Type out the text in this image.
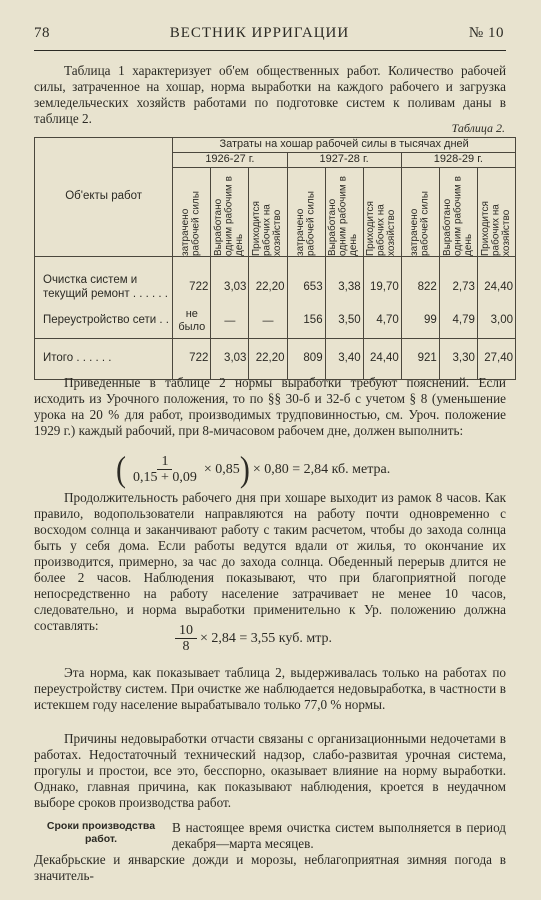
78	ВЕСТНИК ИРРИГАЦИИ	№ 10

Таблица 1 характеризует об'ем общественных работ. Количество рабочей силы, затраченное на хошар, норма выработки на каждого рабочего и загрузка земледельческих хозяйств работами по подготовке систем к поливам даны в таблице 2.

Таблица 2.
Об'екты работ	Затраты на хошар рабочей силы в тысячах дней								
	1926-27 г.			1927-28 г.			1928-29 г.		

	затрачено рабочей силы	Выработано одним рабочим в день	Приходится рабочих на хозяйство	затрачено рабочей силы	Выработано одним рабочим в день	Приходится рабочих на хозяйство	затрачено рабочей силы	Выработано одним рабочим в день	Приходится рабочих на хозяйство

Очистка систем и текущий ремонт . . . . . .	722	3,03	22,20	653	3,38	19,70	822	2,73	24,40
Переустройство сети . .	не было	—	—	156	3,50	4,70	99	4,79	3,00
Итого . . . . . .	722	3,03	22,20	809	3,40	24,40	921	3,30	27,40

Приведенные в таблице 2 нормы выработки требуют пояснений. Если исходить из Урочного положения, то по §§ 30-б и 32-б с учетом § 8 (уменьшение урока на 20 % для работ, производимых трудповинностью, см. Уроч. положение 1929 г.) каждый рабочий, при 8-мичасовом рабочем дне, должен выполнить:

( $\frac{1}{0,15 + 0,09} \times 0,85$ ) × 0,80 = 2,84 кб. метра.

Продолжительность рабочего дня при хошаре выходит из рамок 8 часов. Как правило, водопользователи направляются на работу почти одновременно с восходом солнца и заканчивают работу с таким расчетом, чтобы до захода солнца быть у себя дома. Если работы ведутся вдали от жилья, то окончание их производится, примерно, за час до захода солнца. Обеденный перерыв длится не более 2 часов. Наблюдения показывают, что при благоприятной погоде непосредственно на работу население затрачивает не менее 10 часов, следовательно, и норма выработки применительно к Ур. положению должна составлять:	$\frac{10}{8} \times 2,84 = 3,55$ куб. мтр.

Эта норма, как показывает таблица 2, выдерживалась только на работах по переустройству систем. При очистке же наблюдается недовыработка, в частности в истекшем году население вырабатывало только 77,0 % нормы.

Причины недовыработки отчасти связаны с организационными недочетами в работах. Недостаточный технический надзор, слабо-развитая урочная система, прогулы и простои, все это, бесспорно, оказывает влияние на норму выработки. Однако, главная причина, как показывают наблюдения, кроется в неудачном выборе сроков производства работ.

Сроки производства работ.

В настоящее время очистка систем выполняется в период декабря—марта месяцев.

Декабрьские и январские дожди и морозы, неблагоприятная зимняя погода в значитель-
